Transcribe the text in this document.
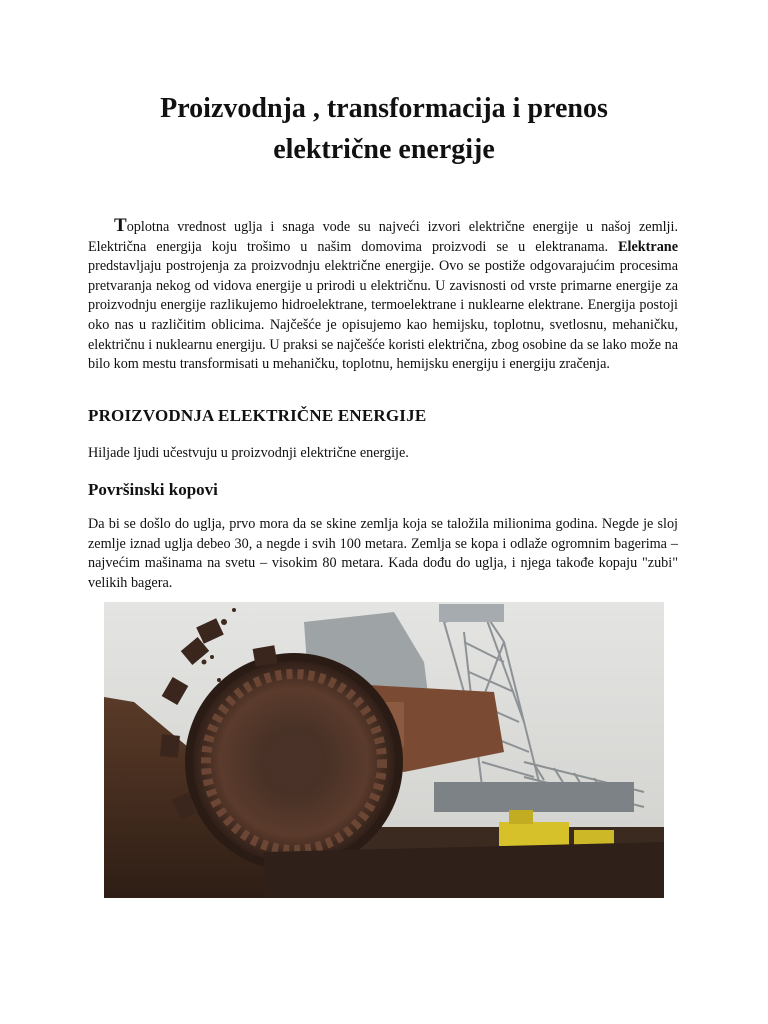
Proizvodnja , transformacija i prenos
električne energije

Toplotna vrednost uglja i snaga vode su najveći izvori električne energije u našoj zemlji. Električna energija koju trošimo u našim domovima proizvodi se u elektranama. Elektrane predstavljaju postrojenja za proizvodnju električne energije. Ovo se postiže odgovarajućim procesima pretvaranja nekog od vidova energije u prirodi u električnu. U zavisnosti od vrste primarne energije za proizvodnju energije razlikujemo hidroelektrane, termoelektrane i nuklearne elektrane. Energija postoji oko nas u različitim oblicima. Najčešće je opisujemo kao hemijsku, toplotnu, svetlosnu, mehaničku, električnu i nuklearnu energiju. U praksi se najčešće koristi električna, zbog osobine da se lako može na bilo kom mestu transformisati u mehaničku, toplotnu, hemijsku energiju i energiju zračenja.

PROIZVODNJA ELEKTRIČNE ENERGIJE

Hiljade ljudi učestvuju u proizvodnji električne energije.

Površinski kopovi

Da bi se došlo do uglja, prvo mora da se skine zemlja koja se taložila milionima godina. Negde je sloj zemlje iznad uglja debeo 30, a negde i svih 100 metara. Zemlja se kopa i odlaže ogromnim bagerima – najvećim mašinama na svetu – visokim 80 metara. Kada dođu do uglja, i njega takođe kopaju "zubi" velikih bagera.
